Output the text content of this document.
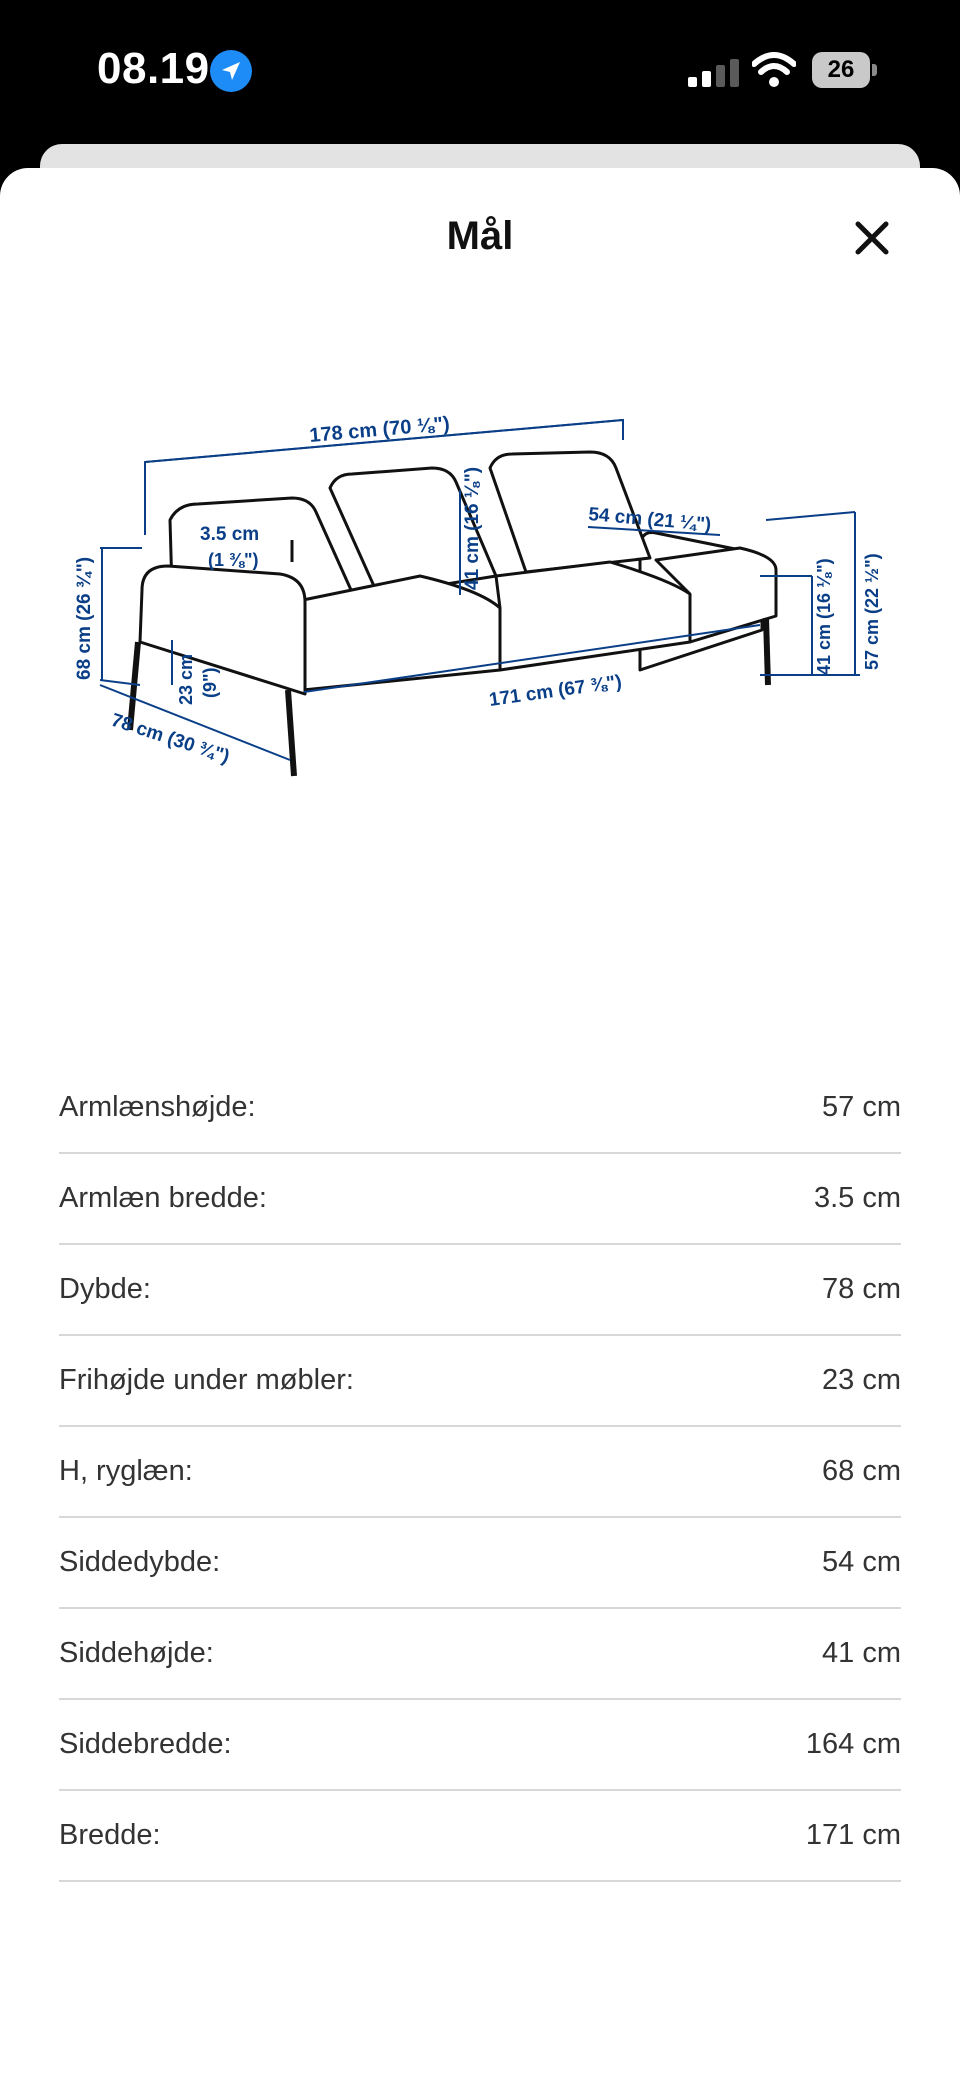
08.19	26
Mål
178 cm (70 ⅛")
3.5 cm
(1 ⅜")	41 cm (16 ⅛")	54 cm (21 ¼")
68 cm (26 ¾")	23 cm (9")	171 cm (67 ⅜")
78 cm (30 ¾")
41 cm (16 ⅛") 57 cm (22 ½")
Armlænshøjde:	57 cm
Armlæn bredde:	3.5 cm
Dybde:	78 cm
Frihøjde under møbler:	23 cm
H, ryglæn:	68 cm
Siddedybde:	54 cm
Siddehøjde:	41 cm
Siddebredde:	164 cm
Bredde:	171 cm
